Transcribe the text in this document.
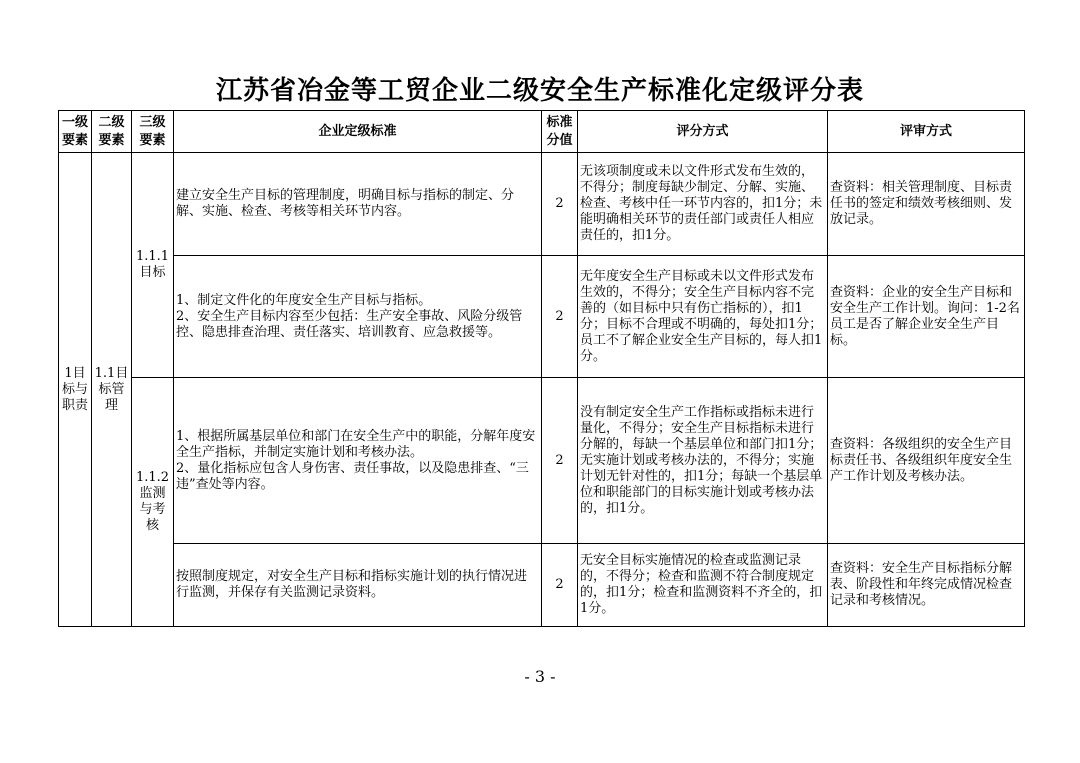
江苏省冶金等工贸企业二级安全生产标准化定级评分表
一级要素	二级要素	三级要素	企业定级标准	标准分值	评分方式	评审方式
1目标与职责	1.1目标管理	1.1.1目标	建立安全生产目标的管理制度，明确目标与指标的制定、分解、实施、检查、考核等相关环节内容。	2	无该项制度或未以文件形式发布生效的，不得分；制度每缺少制定、分解、实施、检查、考核中任一环节内容的，扣1分；未能明确相关环节的责任部门或责任人相应责任的，扣1分。	查资料：相关管理制度、目标责任书的签定和绩效考核细则、发放记录。

			1、制定文件化的年度安全生产目标与指标。

2、安全生产目标内容至少包括：生产安全事故、风险分级管控、隐患排查治理、责任落实、培训教育、应急救援等。	2	无年度安全生产目标或未以文件形式发布生效的，不得分；安全生产目标内容不完善的（如目标中只有伤亡指标的），扣1分；目标不合理或不明确的，每处扣1分；员工不了解企业安全生产目标的，每人扣1分。	查资料：企业的安全生产目标和安全生产工作计划。询问：1-2名员工是否了解企业安全生产目标。
		1.1.2监测与考核	1、根据所属基层单位和部门在安全生产中的职能，分解年度安全生产指标，并制定实施计划和考核办法。

2、量化指标应包含人身伤害、责任事故，以及隐患排查、“三违”查处等内容。	2	没有制定安全生产工作指标或指标未进行量化，不得分；安全生产目标指标未进行分解的，每缺一个基层单位和部门扣1分；无实施计划或考核办法的，不得分；实施计划无针对性的，扣1分；每缺一个基层单位和职能部门的目标实施计划或考核办法的，扣1分。	查资料：各级组织的安全生产目标责任书、各级组织年度安全生产工作计划及考核办法。

			按照制度规定，对安全生产目标和指标实施计划的执行情况进行监测，并保存有关监测记录资料。	2	无安全目标实施情况的检查或监测记录的，不得分；检查和监测不符合制度规定的，扣1分；检查和监测资料不齐全的，扣1分。	查资料：安全生产目标指标分解表、阶段性和年终完成情况检查记录和考核情况。
- 3 -
